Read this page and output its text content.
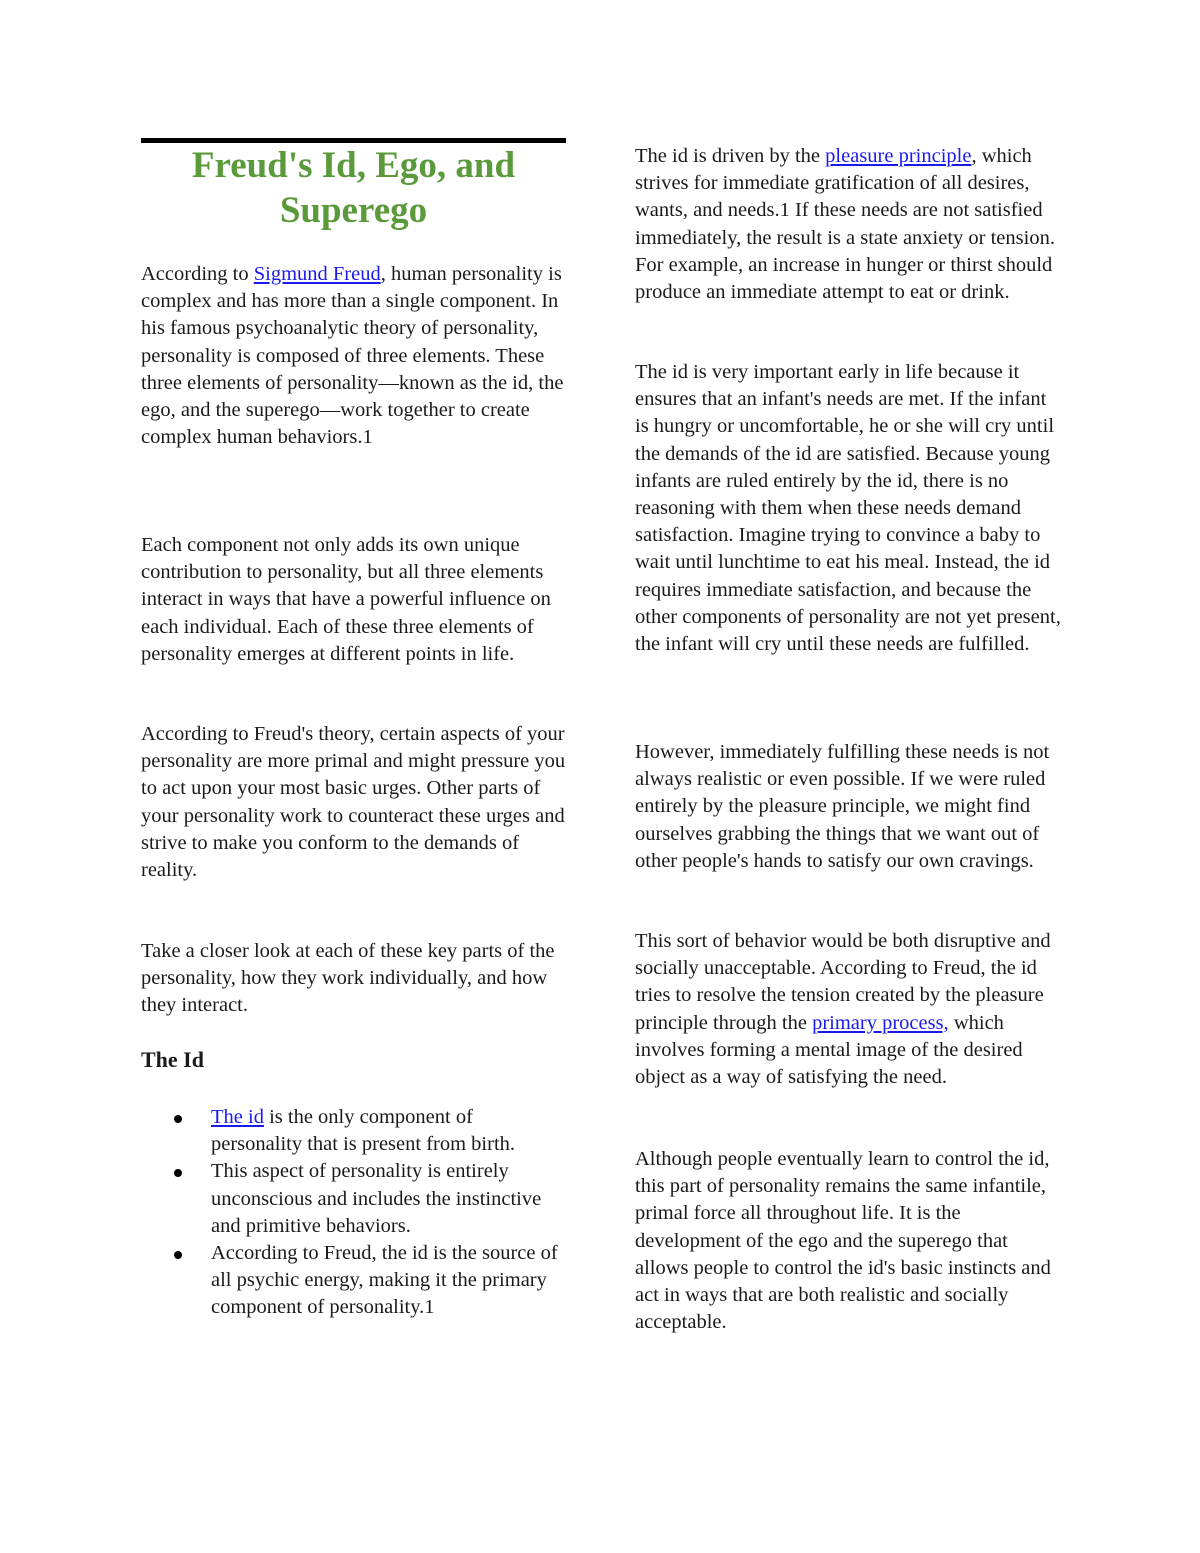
Freud's Id, Ego, and
Superego

According to Sigmund Freud, human personality is complex and has more than a single component. In his famous psychoanalytic theory of personality, personality is composed of three elements. These three elements of personality—known as the id, the ego, and the superego—work together to create complex human behaviors.1

Each component not only adds its own unique contribution to personality, but all three elements interact in ways that have a powerful influence on each individual. Each of these three elements of personality emerges at different points in life.

According to Freud's theory, certain aspects of your personality are more primal and might pressure you to act upon your most basic urges. Other parts of your personality work to counteract these urges and strive to make you conform to the demands of reality.

Take a closer look at each of these key parts of the personality, how they work individually, and how they interact.

The Id
The id is the only component of personality that is present from birth.
This aspect of personality is entirely unconscious and includes the instinctive and primitive behaviors.
According to Freud, the id is the source of all psychic energy, making it the primary component of personality.1

The id is driven by the pleasure principle, which strives for immediate gratification of all desires, wants, and needs.1 If these needs are not satisfied immediately, the result is a state anxiety or tension. For example, an increase in hunger or thirst should produce an immediate attempt to eat or drink.

The id is very important early in life because it ensures that an infant's needs are met. If the infant is hungry or uncomfortable, he or she will cry until the demands of the id are satisfied. Because young infants are ruled entirely by the id, there is no reasoning with them when these needs demand satisfaction. Imagine trying to convince a baby to wait until lunchtime to eat his meal. Instead, the id requires immediate satisfaction, and because the other components of personality are not yet present, the infant will cry until these needs are fulfilled.

However, immediately fulfilling these needs is not always realistic or even possible. If we were ruled entirely by the pleasure principle, we might find ourselves grabbing the things that we want out of other people's hands to satisfy our own cravings.

This sort of behavior would be both disruptive and socially unacceptable. According to Freud, the id tries to resolve the tension created by the pleasure principle through the primary process, which involves forming a mental image of the desired object as a way of satisfying the need.

Although people eventually learn to control the id, this part of personality remains the same infantile, primal force all throughout life. It is the development of the ego and the superego that allows people to control the id's basic instincts and act in ways that are both realistic and socially acceptable.
